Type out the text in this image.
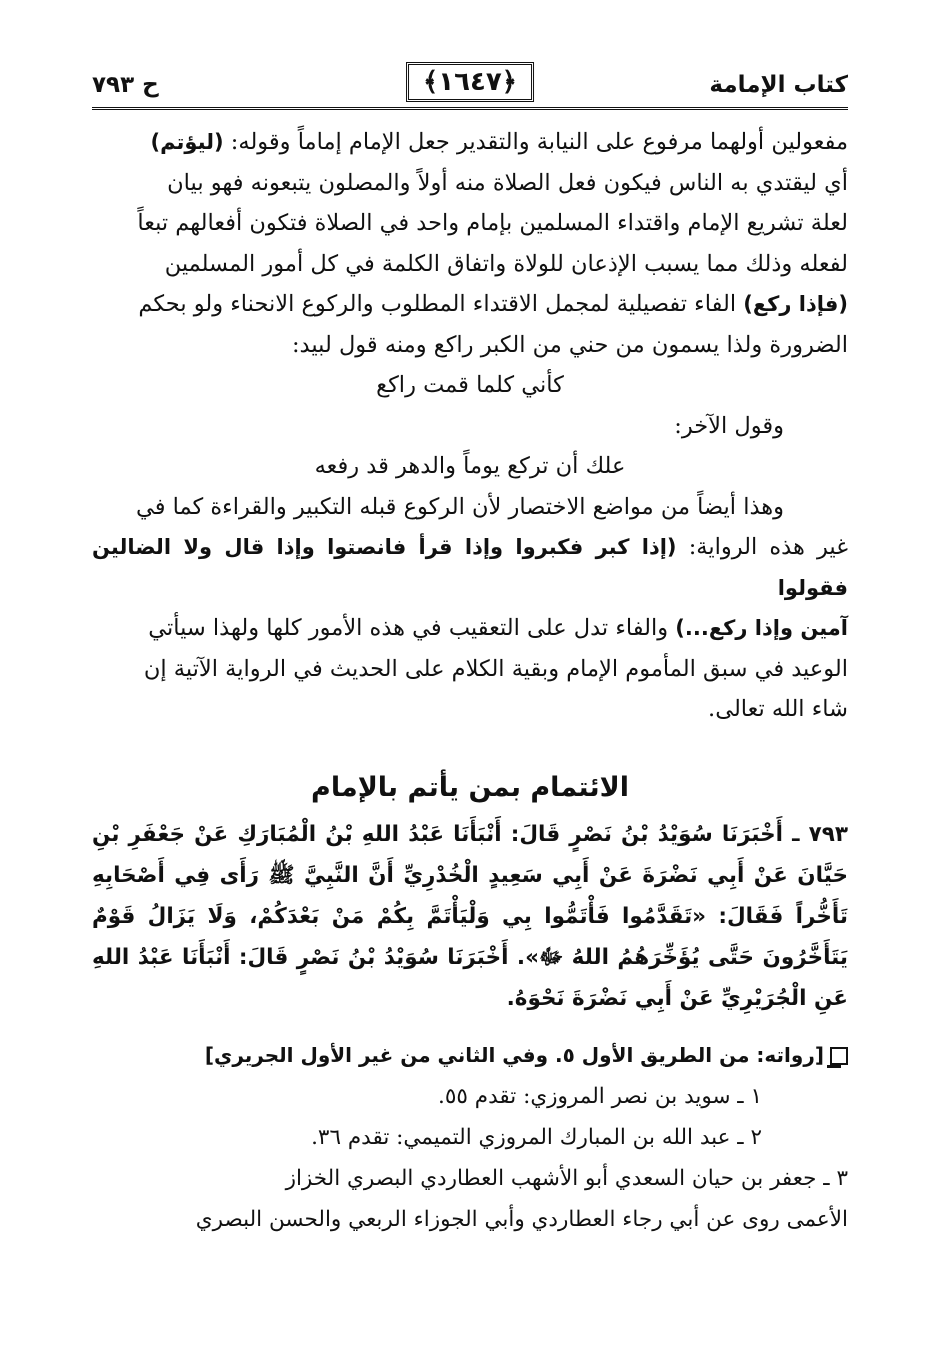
كتاب الإمامة
﴿١٦٤٧﴾
ح ٧٩٣

مفعولين أولهما مرفوع على النيابة والتقدير جعل الإمام إماماً وقوله: (ليؤتم)

أي ليقتدي به الناس فيكون فعل الصلاة منه أولاً والمصلون يتبعونه فهو بيان

لعلة تشريع الإمام واقتداء المسلمين بإمام واحد في الصلاة فتكون أفعالهم تبعاً

لفعله وذلك مما يسبب الإذعان للولاة واتفاق الكلمة في كل أمور المسلمين

(فإذا ركع) الفاء تفصيلية لمجمل الاقتداء المطلوب والركوع الانحناء ولو بحكم

الضرورة ولذا يسمون من حني من الكبر راكع ومنه قول لبيد:

كأني كلما قمت راكع

وقول الآخر:

علك أن تركع يوماً والدهر قد رفعه

وهذا أيضاً من مواضع الاختصار لأن الركوع قبله التكبير والقراءة كما في

غير هذه الرواية: (إذا كبر فكبروا وإذا قرأ فانصتوا وإذا قال ولا الضالين فقولوا

آمين وإذا ركع...) والفاء تدل على التعقيب في هذه الأمور كلها ولهذا سيأتي

الوعيد في سبق المأموم الإمام وبقية الكلام على الحديث في الرواية الآتية إن

شاء الله تعالى.

الائتمام بمن يأتم بالإمام

٧٩٣ ـ أَخْبَرَنَا سُوَيْدُ بْنُ نَصْرٍ قَالَ: أَنْبَأَنَا عَبْدُ اللهِ بْنُ الْمُبَارَكِ عَنْ جَعْفَرِ بْنِ حَيَّانَ عَنْ أَبِي نَضْرَةَ عَنْ أَبِي سَعِيدٍ الْخُدْرِيِّ أَنَّ النَّبِيَّ ﷺ رَأَى فِي أَصْحَابِهِ تَأَخُّراً فَقَالَ: «تَقَدَّمُوا فَأْتَمُّوا بِي وَلْيَأْتَمَّ بِكُمْ مَنْ بَعْدَكُمْ، وَلَا يَزَالُ قَوْمٌ يَتَأَخَّرُونَ حَتَّى يُؤَخِّرَهُمُ اللهُ ﷻ». أَخْبَرَنَا سُوَيْدُ بْنُ نَصْرٍ قَالَ: أَنْبَأَنَا عَبْدُ اللهِ عَنِ الْجُرَيْرِيِّ عَنْ أَبِي نَضْرَةَ نَحْوَهُ.

[رواته: من الطريق الأول ٥. وفي الثاني من غير الأول الجريري]

١ ـ سويد بن نصر المروزي: تقدم ٥٥.

٢ ـ عبد الله بن المبارك المروزي التميمي: تقدم ٣٦.

٣ ـ جعفر بن حيان السعدي أبو الأشهب العطاردي البصري الخزاز

الأعمى روى عن أبي رجاء العطاردي وأبي الجوزاء الربعي والحسن البصري
